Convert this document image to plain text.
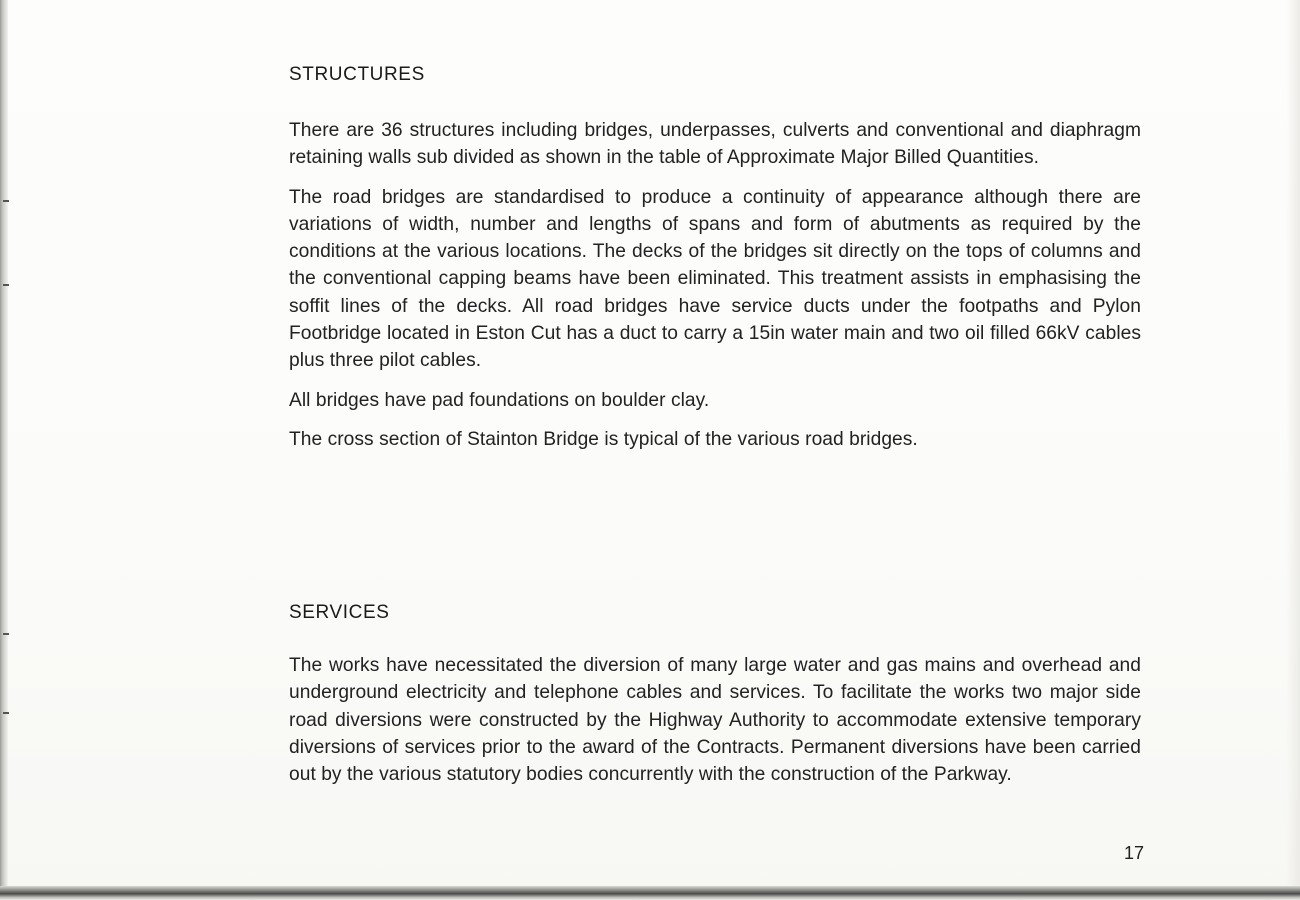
STRUCTURES

There are 36 structures including bridges, underpasses, culverts and conventional and diaphragm retaining walls sub divided as shown in the table of Approximate Major Billed Quantities.

The road bridges are standardised to produce a continuity of appearance although there are variations of width, number and lengths of spans and form of abutments as required by the conditions at the various locations. The decks of the bridges sit directly on the tops of columns and the conventional capping beams have been eliminated. This treatment assists in emphasising the soffit lines of the decks. All road bridges have service ducts under the footpaths and Pylon Footbridge located in Eston Cut has a duct to carry a 15in water main and two oil filled 66kV cables plus three pilot cables.

All bridges have pad foundations on boulder clay.

The cross section of Stainton Bridge is typical of the various road bridges.

SERVICES

The works have necessitated the diversion of many large water and gas mains and overhead and underground electricity and telephone cables and services. To facilitate the works two major side road diversions were constructed by the Highway Authority to accommodate extensive temporary diversions of services prior to the award of the Contracts. Permanent diversions have been carried out by the various statutory bodies concurrently with the construction of the Parkway.

17
